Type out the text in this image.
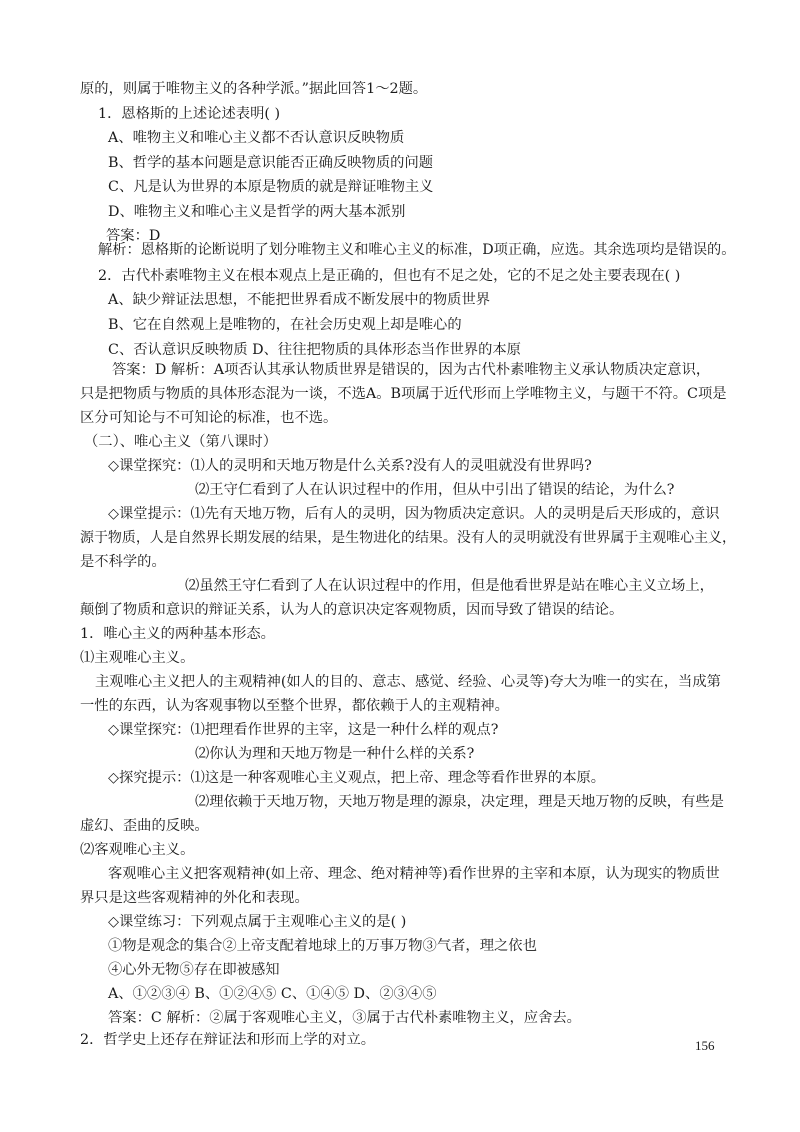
原的，则属于唯物主义的各种学派。”据此回答1～2题。
1．恩格斯的上述论述表明( )
A、唯物主义和唯心主义都不否认意识反映物质
B、哲学的基本问题是意识能否正确反映物质的问题
C、凡是认为世界的本原是物质的就是辩证唯物主义
D、唯物主义和唯心主义是哲学的两大基本派别
答案：D
解析：恩格斯的论断说明了划分唯物主义和唯心主义的标准，D项正确，应选。其余选项均是错误的。
2．古代朴素唯物主义在根本观点上是正确的，但也有不足之处，它的不足之处主要表现在( )
A、缺少辩证法思想，不能把世界看成不断发展中的物质世界
B、它在自然观上是唯物的，在社会历史观上却是唯心的
C、否认意识反映物质 D、往往把物质的具体形态当作世界的本原
答案：D 解析：A项否认其承认物质世界是错误的，因为古代朴素唯物主义承认物质决定意识，
只是把物质与物质的具体形态混为一谈，不选A。B项属于近代形而上学唯物主义，与题干不符。C项是
区分可知论与不可知论的标准，也不选。
（二）、唯心主义（第八课时）
◇课堂探究：⑴人的灵明和天地万物是什么关系?没有人的灵咀就没有世界吗?
⑵王守仁看到了人在认识过程中的作用，但从中引出了错误的结论，为什么?
◇课堂提示：⑴先有天地万物，后有人的灵明，因为物质决定意识。人的灵明是后天形成的，意识
源于物质，人是自然界长期发展的结果，是生物进化的结果。没有人的灵明就没有世界属于主观唯心主义，
是不科学的。
⑵虽然王守仁看到了人在认识过程中的作用，但是他看世界是站在唯心主义立场上，
颠倒了物质和意识的辩证关系，认为人的意识决定客观物质，因而导致了错误的结论。
1．唯心主义的两种基本形态。
⑴主观唯心主义。
主观唯心主义把人的主观精神(如人的目的、意志、感觉、经验、心灵等)夸大为唯一的实在，当成第
一性的东西，认为客观事物以至整个世界，都依赖于人的主观精神。
◇课堂探究：⑴把理看作世界的主宰，这是一种什么样的观点?
⑵你认为理和天地万物是一种什么样的关系?
◇探究提示：⑴这是一种客观唯心主义观点，把上帝、理念等看作世界的本原。
⑵理依赖于天地万物，天地万物是理的源泉，决定理，理是天地万物的反映，有些是
虚幻、歪曲的反映。
⑵客观唯心主义。
客观唯心主义把客观精神(如上帝、理念、绝对精神等)看作世界的主宰和本原，认为现实的物质世
界只是这些客观精神的外化和表现。
◇课堂练习：下列观点属于主观唯心主义的是( )
①物是观念的集合②上帝支配着地球上的万事万物③气者，理之依也
④心外无物⑤存在即被感知
A、①②③④ B、①②④⑤ C、①④⑤ D、②③④⑤
答案：C 解析：②属于客观唯心主义，③属于古代朴素唯物主义，应舍去。
2．哲学史上还存在辩证法和形而上学的对立。	156
